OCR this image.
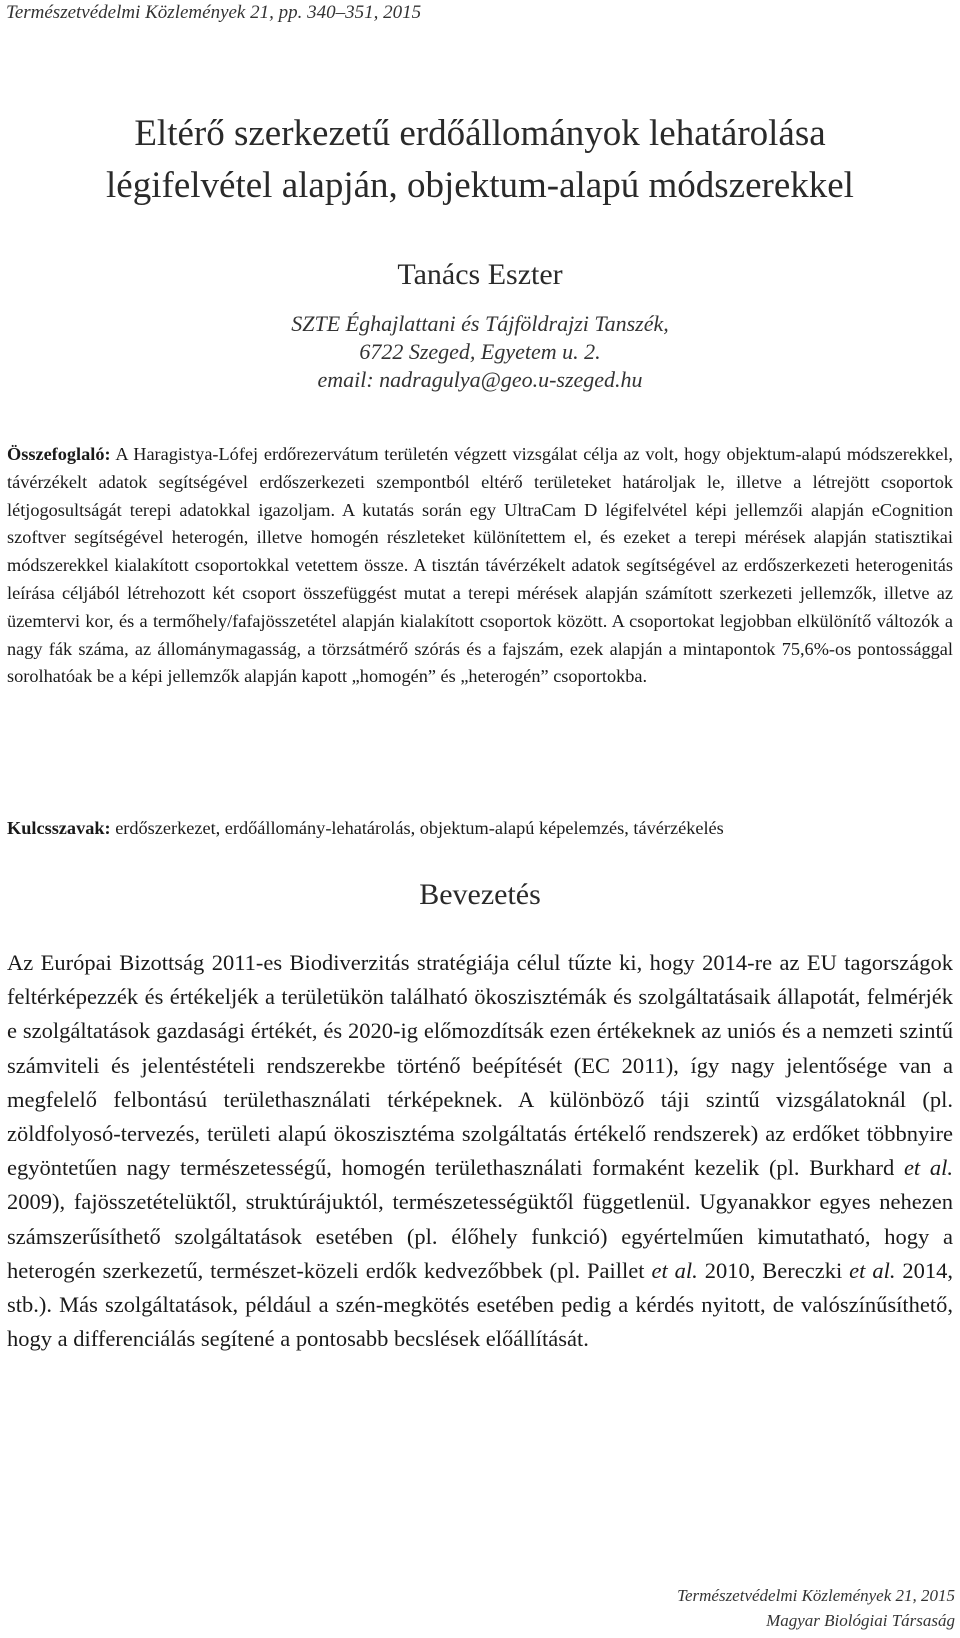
Természetvédelmi Közlemények 21, pp. 340–351, 2015
Eltérő szerkezetű erdőállományok lehatárolása
légifelvétel alapján, objektum-alapú módszerekkel
Tanács Eszter
SZTE Éghajlattani és Tájföldrajzi Tanszék,
6722 Szeged, Egyetem u. 2.
email: nadragulya@geo.u-szeged.hu

Összefoglaló: A Haragistya-Lófej erdőrezervátum területén végzett vizsgálat célja az volt, hogy objektum-alapú módszerekkel, távérzékelt adatok segítségével erdőszerkezeti szempontból eltérő területeket határoljak le, illetve a létrejött csoportok létjogosultságát terepi adatokkal igazoljam. A kutatás során egy UltraCam D légifelvétel képi jellemzői alapján eCognition szoftver segítségével heterogén, illetve homogén részleteket különítettem el, és ezeket a terepi mérések alapján statisztikai módszerekkel kialakított csoportokkal vetettem össze. A tisztán távérzékelt adatok segítségével az erdőszerkezeti heterogenitás leírása céljából létrehozott két csoport összefüggést mutat a terepi mérések alapján számított szerkezeti jellemzők, illetve az üzemtervi kor, és a termőhely/fafajösszetétel alapján kialakított csoportok között. A csoportokat legjobban elkülönítő változók a nagy fák száma, az állománymagasság, a törzsátmérő szórás és a fajszám, ezek alapján a mintapontok 75,6%-os pontossággal sorolhatóak be a képi jellemzők alapján kapott „homogén” és „heterogén” csoportokba.

Kulcsszavak: erdőszerkezet, erdőállomány-lehatárolás, objektum-alapú képelemzés, távérzékelés

Bevezetés

Az Európai Bizottság 2011-es Biodiverzitás stratégiája célul tűzte ki, hogy 2014-re az EU tagországok feltérképezzék és értékeljék a területükön található ökoszisztémák és szolgáltatásaik állapotát, felmérjék e szolgáltatások gazdasági értékét, és 2020-ig előmozdítsák ezen értékeknek az uniós és a nemzeti szintű számviteli és jelentéstételi rendszerekbe történő beépítését (EC 2011), így nagy jelentősége van a megfelelő felbontású területhasználati térképeknek. A különböző táji szintű vizsgálatoknál (pl. zöldfolyosó-tervezés, területi alapú ökoszisztéma szolgáltatás értékelő rendszerek) az erdőket többnyire egyöntetűen nagy természetességű, homogén területhasználati formaként kezelik (pl. Burkhard et al. 2009), fajösszetételüktől, struktúrájuktól, természetességüktől függetlenül. Ugyanakkor egyes nehezen számszerűsíthető szolgáltatások esetében (pl. élőhely funkció) egyértelműen kimutatható, hogy a heterogén szerkezetű, természet-közeli erdők kedvezőbbek (pl. Paillet et al. 2010, Bereczki et al. 2014, stb.). Más szolgáltatások, például a szén-megkötés esetében pedig a kérdés nyitott, de valószínűsíthető, hogy a differenciálás segítené a pontosabb becslések előállítását.

Természetvédelmi Közlemények 21, 2015
Magyar Biológiai Társaság
